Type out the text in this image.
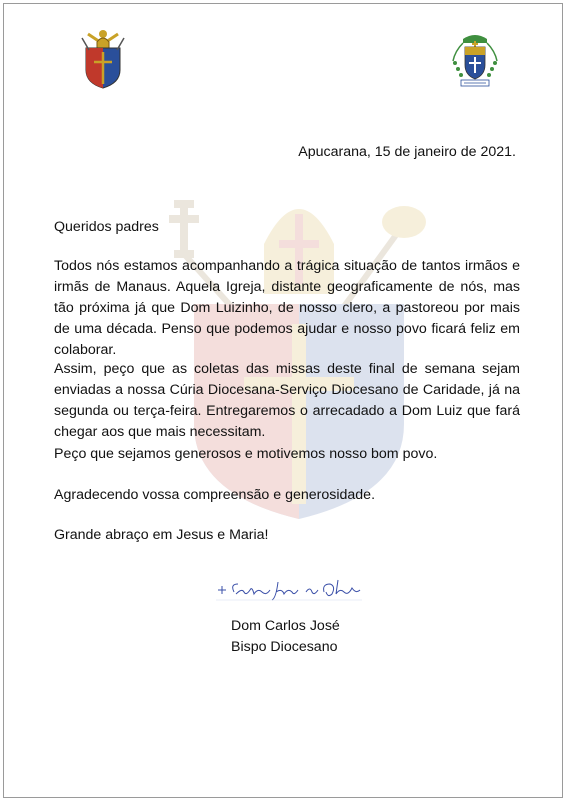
Apucarana, 15 de janeiro de 2021.

Queridos padres

Todos nós estamos acompanhando a trágica situação de tantos irmãos e irmãs de Manaus. Aquela Igreja, distante geograficamente de nós, mas tão próxima já que Dom Luizinho, de nosso clero, a pastoreou por mais de uma década. Penso que podemos ajudar e nosso povo ficará feliz em colaborar.

Assim, peço que as coletas das missas deste final de semana sejam enviadas a nossa Cúria Diocesana-Serviço Diocesano de Caridade, já na segunda ou terça-feira. Entregaremos o arrecadado a Dom Luiz que fará chegar aos que mais necessitam.

Peço que sejamos generosos e motivemos nosso bom povo.

Agradecendo vossa compreensão e generosidade.

Grande abraço em Jesus e Maria!

Dom Carlos José
Bispo Diocesano
